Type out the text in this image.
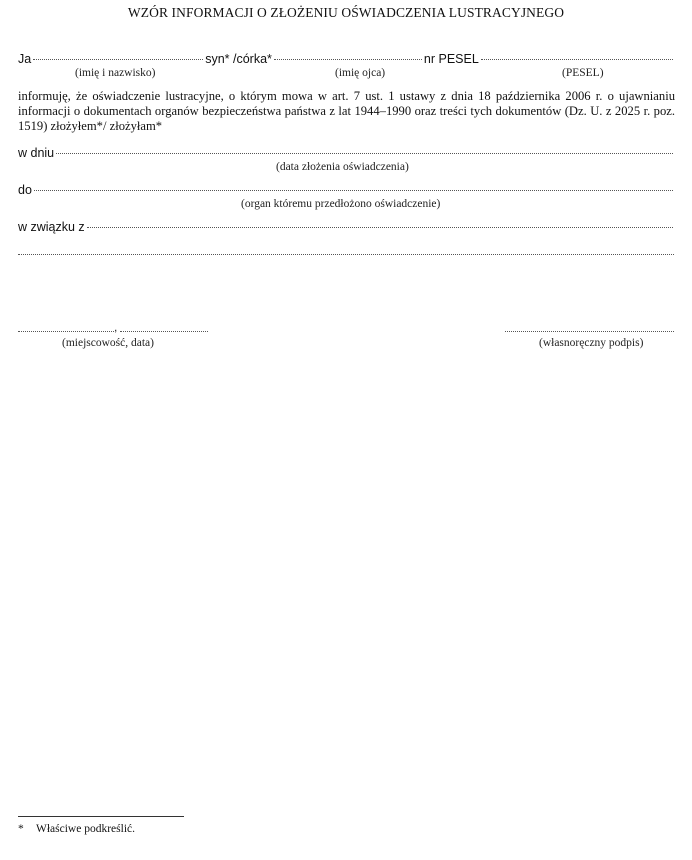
WZÓR INFORMACJI O ZŁOŻENIU OŚWIADCZENIA LUSTRACYJNEGO
Ja	syn* /córka*	nr PESEL
(imię i nazwisko)	(imię ojca)	(PESEL)
informuję, że oświadczenie lustracyjne, o którym mowa w art. 7 ust. 1 ustawy z dnia 18 października 2006 r. o ujawnianiu informacji o dokumentach organów bezpieczeństwa państwa z lat 1944–1990 oraz treści tych dokumentów (Dz. U. z 2025 r. poz. 1519) złożyłem*/ złożyłam*
w dniu
(data złożenia oświadczenia)
do
(organ któremu przedłożono oświadczenie)
w związku z
,
(miejscowość, data)	(własnoręczny podpis)
* Właściwe podkreślić.
